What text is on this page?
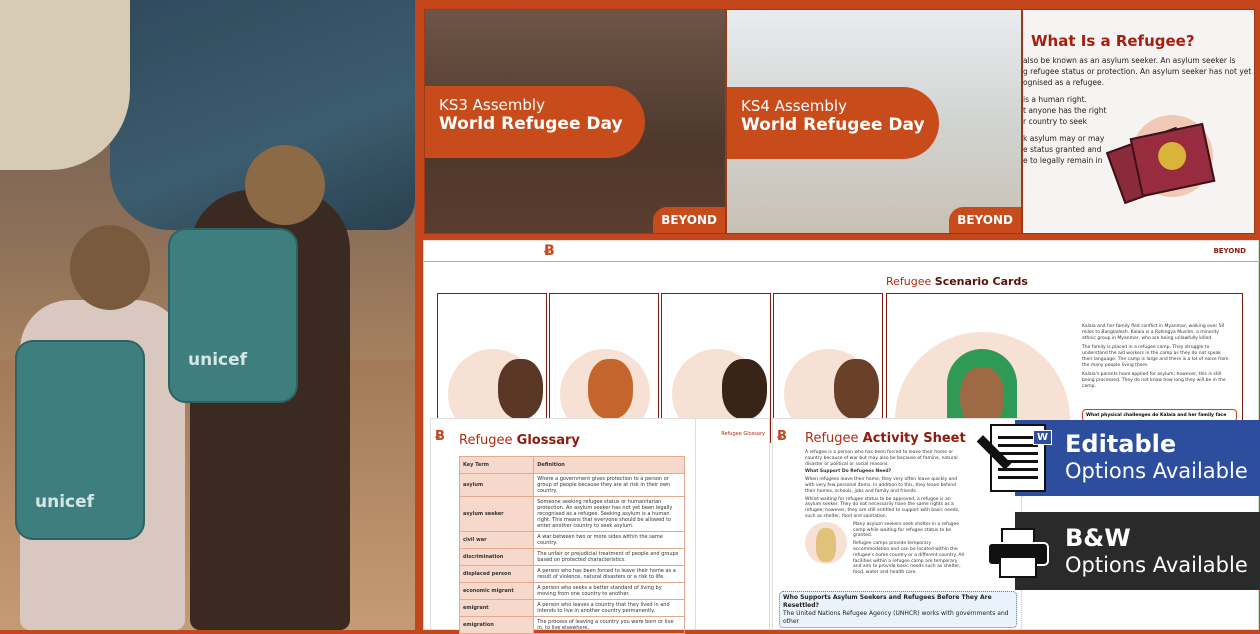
unicef
unicef
KS3 Assembly
World Refugee Day
BEYOND
KS4 Assembly
World Refugee Day
BEYOND
What Is a Refugee?
also be known as an asylum seeker. An asylum seeker is
g refugee status or protection. An asylum seeker has not yet
ognised as a refugee.
is a human right.
t anyone has the right
r country to seek
k asylum may or may
e status granted and
e to legally remain in
Ƀ	BEYOND
Refugee Scenario Cards

Kalaia and her family fled conflict in Myanmar, walking over 50 miles to Bangladesh. Kalaia is a Rohingya Muslim, a minority ethnic group in Myanmar, who are being unlawfully killed.

The family is placed in a refugee camp. They struggle to understand the aid workers in the camp as they do not speak their language. The camp is large and there is a lot of noise from the many people living there.

Kalaia's parents have applied for asylum; however, this is still being processed. They do not know how long they will be in the camp.

What physical challenges do Kalaia and her family face
Refugee Glossary
Ƀ Refugee Glossary
Key Term	Definition
asylum	Where a government gives protection to a person or group of people because they are at risk in their own country.
asylum seeker	Someone seeking refugee status or humanitarian protection. An asylum seeker has not yet been legally recognised as a refugee. Seeking asylum is a human right. This means that everyone should be allowed to enter another country to seek asylum.
civil war	A war between two or more sides within the same country.
discrimination	The unfair or prejudicial treatment of people and groups based on protected characteristics.
displaced person	A person who has been forced to leave their home as a result of violence, natural disasters or a risk to life.
economic migrant	A person who seeks a better standard of living by moving from one country to another.
emigrant	A person who leaves a country that they lived in and intends to live in another country permanently.
emigration	The process of leaving a country you were born or live in, to live elsewhere.
Ƀ Refugee Activity Sheet

A refugee is a person who has been forced to leave their home or country because of war but may also be because of famine, natural disaster or political or social reasons.

What Support Do Refugees Need?

When refugees leave their home, they very often leave quickly and with very few personal items. In addition to this, they leave behind their homes, schools, jobs and family and friends.

Whilst waiting for refugee status to be approved, a refugee is an asylum seeker. They do not necessarily have the same rights as a refugee; however, they are still entitled to support with basic needs, such as shelter, food and sanitation.

Many asylum seekers seek shelter in a refugee camp while waiting for refugee status to be granted.

Refugee camps provide temporary accommodation and can be located within the refugee's home country or a different country. All facilities within a refugee camp are temporary and aim to provide basic needs such as shelter, food, water and health care.

Who Supports Asylum Seekers and Refugees Before They Are Resettled?
The United Nations Refugee Agency (UNHCR) works with governments and other
Editable
Options Available
W
B&W
Options Available
